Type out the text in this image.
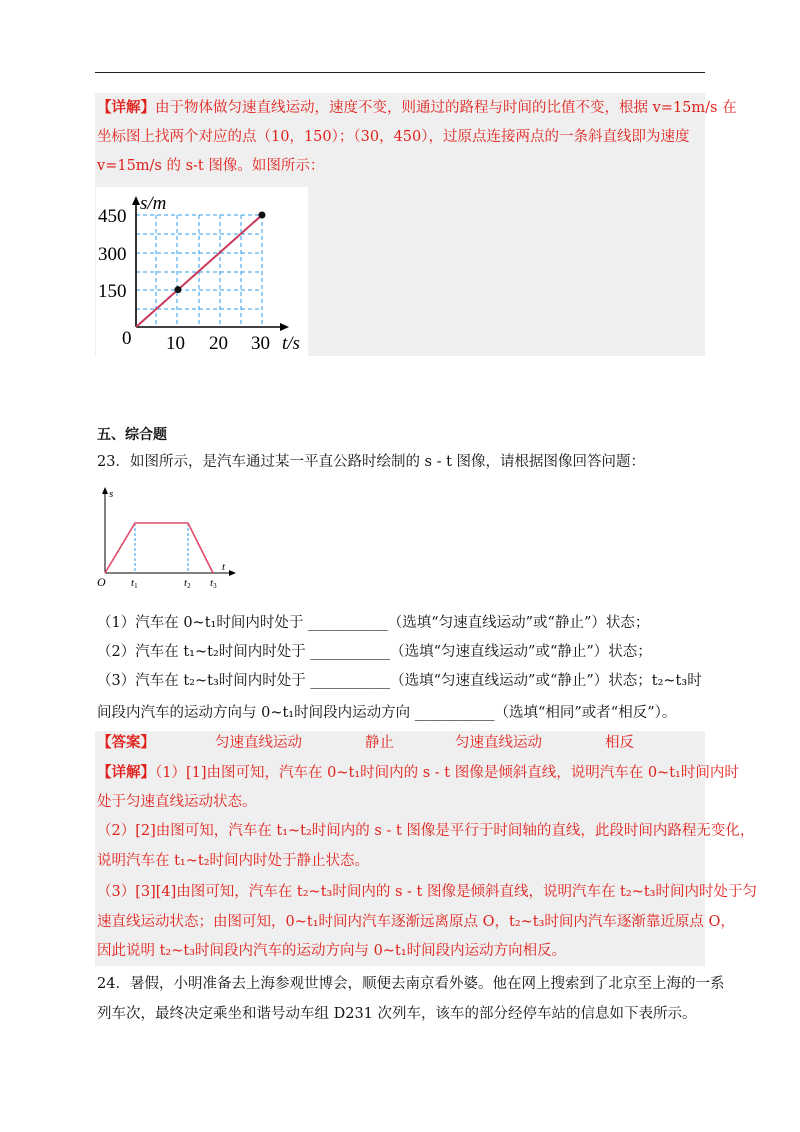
【详解】由于物体做匀速直线运动，速度不变，则通过的路程与时间的比值不变，根据 v=15m/s 在
坐标图上找两个对应的点（10，150）；（30，450），过原点连接两点的一条斜直线即为速度
v=15m/s 的 s-t 图像。如图所示：
s/m
450
300
150
0 10 20 30 t/s
五、综合题
23．如图所示，是汽车通过某一平直公路时绘制的 s - t 图像，请根据图像回答问题：
s
t
O t1	t2 t3
（1）汽车在 0~t₁时间内时处于 ___________（选填“匀速直线运动”或“静止”）状态；
（2）汽车在 t₁~t₂时间内时处于 ___________（选填“匀速直线运动”或“静止”）状态；
（3）汽车在 t₂~t₃时间内时处于 ___________（选填“匀速直线运动”或“静止”）状态；t₂~t₃时
间段内汽车的运动方向与 0~t₁时间段内运动方向 ___________（选填“相同”或者“相反”）。
【答案】	匀速直线运动	静止	匀速直线运动	相反
【详解】（1）[1]由图可知，汽车在 0~t₁时间内的 s - t 图像是倾斜直线，说明汽车在 0~t₁时间内时
处于匀速直线运动状态。
（2）[2]由图可知，汽车在 t₁~t₂时间内的 s - t 图像是平行于时间轴的直线，此段时间内路程无变化，
说明汽车在 t₁~t₂时间内时处于静止状态。
（3）[3][4]由图可知，汽车在 t₂~t₃时间内的 s - t 图像是倾斜直线，说明汽车在 t₂~t₃时间内时处于匀
速直线运动状态；由图可知，0~t₁时间内汽车逐渐远离原点 O，t₂~t₃时间内汽车逐渐靠近原点 O，
因此说明 t₂~t₃时间段内汽车的运动方向与 0~t₁时间段内运动方向相反。
24．暑假，小明准备去上海参观世博会，顺便去南京看外婆。他在网上搜索到了北京至上海的一系
列车次，最终决定乘坐和谐号动车组 D231 次列车，该车的部分经停车站的信息如下表所示。
